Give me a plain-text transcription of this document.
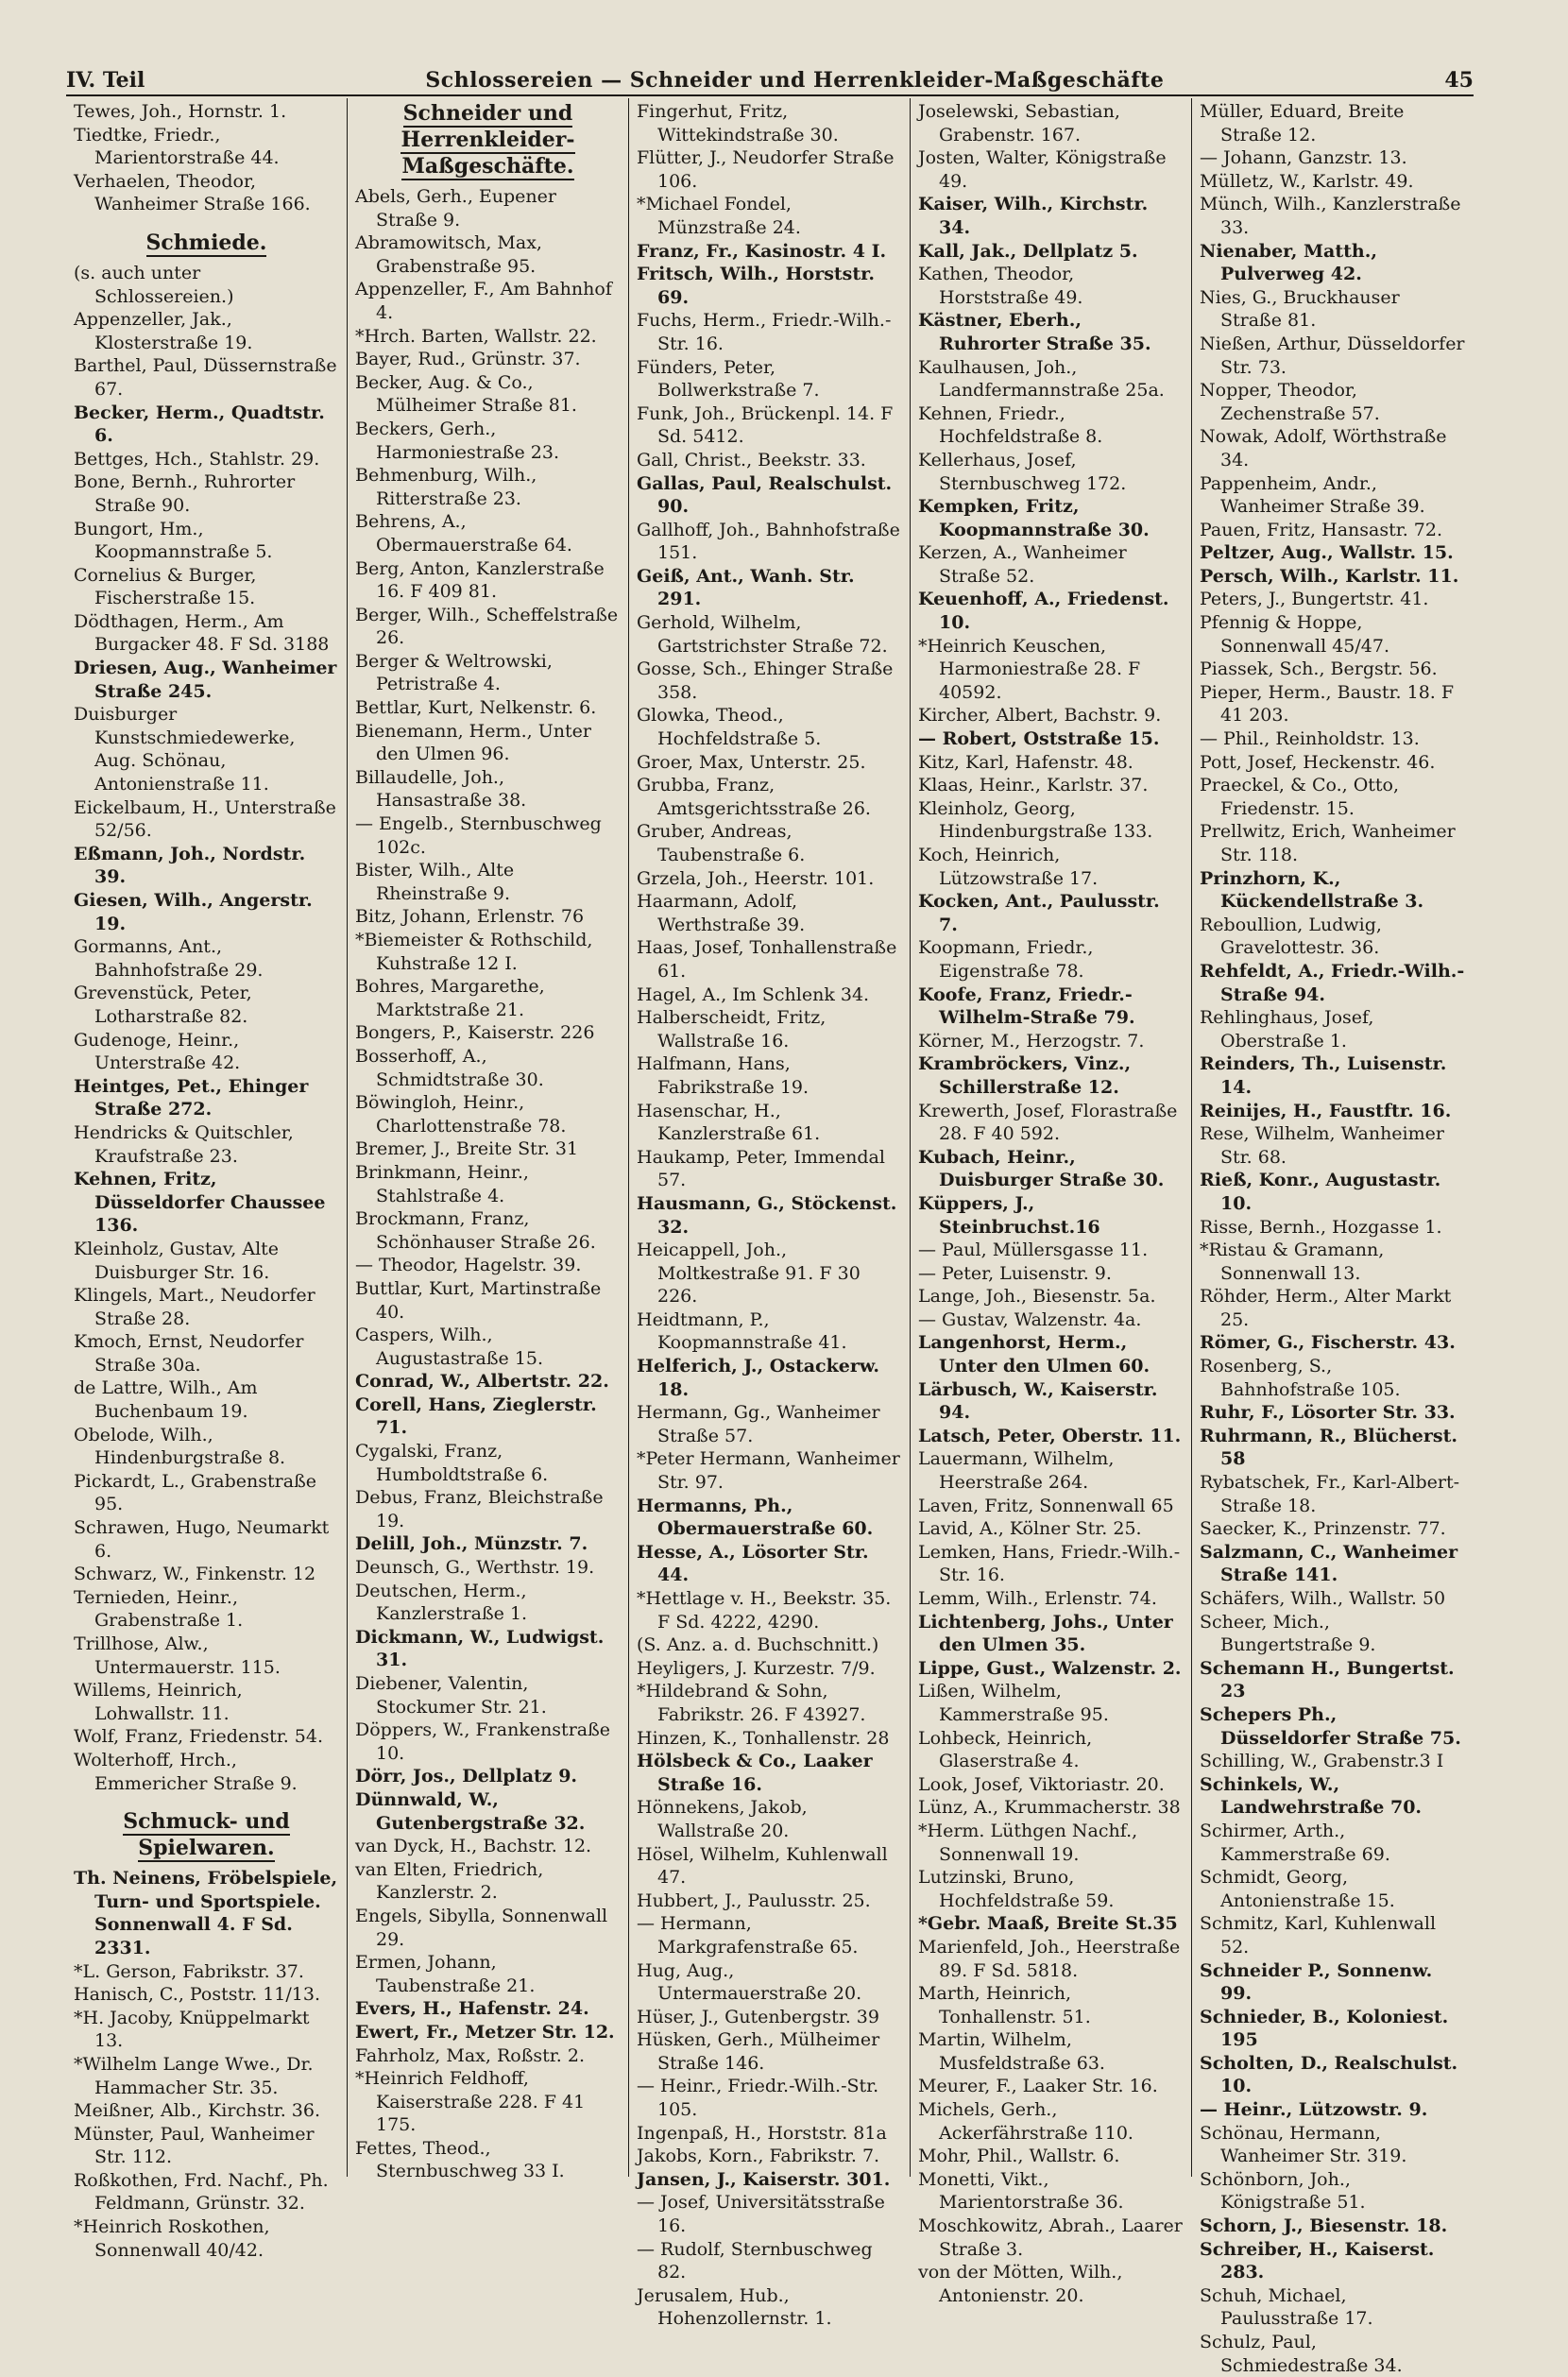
IV. Teil	Schlossereien — Schneider und Herrenkleider-Maßgeschäfte	45
Tewes, Joh., Hornstr. 1.
Tiedtke, Friedr., Marientorstraße 44.
Verhaelen, Theodor, Wanheimer Straße 166.
Schmiede.
(s. auch unter Schlossereien.)
Appenzeller, Jak., Klosterstraße 19.
Barthel, Paul, Düssernstraße 67.
Becker, Herm., Quadtstr. 6.
Bettges, Hch., Stahlstr. 29.
Bone, Bernh., Ruhrorter Straße 90.
Bungort, Hm., Koopmannstraße 5.
Cornelius & Burger, Fischerstraße 15.
Dödthagen, Herm., Am Burgacker 48. F Sd. 3188
Driesen, Aug., Wanheimer Straße 245.
Duisburger Kunstschmiedewerke, Aug. Schönau, Antonienstraße 11.
Eickelbaum, H., Unterstraße 52/56.
Eßmann, Joh., Nordstr. 39.
Giesen, Wilh., Angerstr. 19.
Gormanns, Ant., Bahnhofstraße 29.
Grevenstück, Peter, Lotharstraße 82.
Gudenoge, Heinr., Unterstraße 42.
Heintges, Pet., Ehinger Straße 272.
Hendricks & Quitschler, Kraufstraße 23.
Kehnen, Fritz, Düsseldorfer Chaussee 136.
Kleinholz, Gustav, Alte Duisburger Str. 16.
Klingels, Mart., Neudorfer Straße 28.
Kmoch, Ernst, Neudorfer Straße 30a.
de Lattre, Wilh., Am Buchenbaum 19.
Obelode, Wilh., Hindenburgstraße 8.
Pickardt, L., Grabenstraße 95.
Schrawen, Hugo, Neumarkt 6.
Schwarz, W., Finkenstr. 12
Ternieden, Heinr., Grabenstraße 1.
Trillhose, Alw., Untermauerstr. 115.
Willems, Heinrich, Lohwallstr. 11.
Wolf, Franz, Friedenstr. 54.
Wolterhoff, Hrch., Emmericher Straße 9.
Schmuck- und Spielwaren.
Th. Neinens, Fröbelspiele, Turn- und Sportspiele. Sonnenwall 4. F Sd. 2331.
*L. Gerson, Fabrikstr. 37.
Hanisch, C., Poststr. 11/13.
*H. Jacoby, Knüppelmarkt 13.
*Wilhelm Lange Wwe., Dr. Hammacher Str. 35.
Meißner, Alb., Kirchstr. 36.
Münster, Paul, Wanheimer Str. 112.
Roßkothen, Frd. Nachf., Ph. Feldmann, Grünstr. 32.
*Heinrich Roskothen, Sonnenwall 40/42.
Schneider und Herrenkleider-Maßgeschäfte.
Abels, Gerh., Eupener Straße 9.
Abramowitsch, Max, Grabenstraße 95.
Appenzeller, F., Am Bahnhof 4.
*Hrch. Barten, Wallstr. 22.
Bayer, Rud., Grünstr. 37.
Becker, Aug. & Co., Mülheimer Straße 81.
Beckers, Gerh., Harmoniestraße 23.
Behmenburg, Wilh., Ritterstraße 23.
Behrens, A., Obermauerstraße 64.
Berg, Anton, Kanzlerstraße 16. F 409 81.
Berger, Wilh., Scheffelstraße 26.
Berger & Weltrowski, Petristraße 4.
Bettlar, Kurt, Nelkenstr. 6.
Bienemann, Herm., Unter den Ulmen 96.
Billaudelle, Joh., Hansastraße 38.
— Engelb., Sternbuschweg 102c.
Bister, Wilh., Alte Rheinstraße 9.
Bitz, Johann, Erlenstr. 76
*Biemeister & Rothschild, Kuhstraße 12 I.
Bohres, Margarethe, Marktstraße 21.
Bongers, P., Kaiserstr. 226
Bosserhoff, A., Schmidtstraße 30.
Böwingloh, Heinr., Charlottenstraße 78.
Bremer, J., Breite Str. 31
Brinkmann, Heinr., Stahlstraße 4.
Brockmann, Franz, Schönhauser Straße 26.
— Theodor, Hagelstr. 39.
Buttlar, Kurt, Martinstraße 40.
Caspers, Wilh., Augustastraße 15.
Conrad, W., Albertstr. 22.
Corell, Hans, Zieglerstr. 71.
Cygalski, Franz, Humboldtstraße 6.
Debus, Franz, Bleichstraße 19.
Delill, Joh., Münzstr. 7.
Deunsch, G., Werthstr. 19.
Deutschen, Herm., Kanzlerstraße 1.
Dickmann, W., Ludwigst. 31.
Diebener, Valentin, Stockumer Str. 21.
Döppers, W., Frankenstraße 10.
Dörr, Jos., Dellplatz 9.
Dünnwald, W., Gutenbergstraße 32.
van Dyck, H., Bachstr. 12.
van Elten, Friedrich, Kanzlerstr. 2.
Engels, Sibylla, Sonnenwall 29.
Ermen, Johann, Taubenstraße 21.
Evers, H., Hafenstr. 24.
Ewert, Fr., Metzer Str. 12.
Fahrholz, Max, Roßstr. 2.
*Heinrich Feldhoff, Kaiserstraße 228. F 41 175.
Fettes, Theod., Sternbuschweg 33 I.
Fingerhut, Fritz, Wittekindstraße 30.
Flütter, J., Neudorfer Straße 106.
*Michael Fondel, Münzstraße 24.
Franz, Fr., Kasinostr. 4 I.
Fritsch, Wilh., Horststr. 69.
Fuchs, Herm., Friedr.-Wilh.-Str. 16.
Fünders, Peter, Bollwerkstraße 7.
Funk, Joh., Brückenpl. 14. F Sd. 5412.
Gall, Christ., Beekstr. 33.
Gallas, Paul, Realschulst. 90.
Gallhoff, Joh., Bahnhofstraße 151.
Geiß, Ant., Wanh. Str. 291.
Gerhold, Wilhelm, Gartstrichster Straße 72.
Gosse, Sch., Ehinger Straße 358.
Glowka, Theod., Hochfeldstraße 5.
Groer, Max, Unterstr. 25.
Grubba, Franz, Amtsgerichtsstraße 26.
Gruber, Andreas, Taubenstraße 6.
Grzela, Joh., Heerstr. 101.
Haarmann, Adolf, Werthstraße 39.
Haas, Josef, Tonhallenstraße 61.
Hagel, A., Im Schlenk 34.
Halberscheidt, Fritz, Wallstraße 16.
Halfmann, Hans, Fabrikstraße 19.
Hasenschar, H., Kanzlerstraße 61.
Haukamp, Peter, Immendal 57.
Hausmann, G., Stöckenst. 32.
Heicappell, Joh., Moltkestraße 91. F 30 226.
Heidtmann, P., Koopmannstraße 41.
Helferich, J., Ostackerw. 18.
Hermann, Gg., Wanheimer Straße 57.
*Peter Hermann, Wanheimer Str. 97.
Hermanns, Ph., Obermauerstraße 60.
Hesse, A., Lösorter Str. 44.
*Hettlage v. H., Beekstr. 35. F Sd. 4222, 4290.
(S. Anz. a. d. Buchschnitt.)
Heyligers, J. Kurzestr. 7/9.
*Hildebrand & Sohn, Fabrikstr. 26. F 43927.
Hinzen, K., Tonhallenstr. 28
Hölsbeck & Co., Laaker Straße 16.
Hönnekens, Jakob, Wallstraße 20.
Hösel, Wilhelm, Kuhlenwall 47.
Hubbert, J., Paulusstr. 25.
— Hermann, Markgrafenstraße 65.
Hug, Aug., Untermauerstraße 20.
Hüser, J., Gutenbergstr. 39
Hüsken, Gerh., Mülheimer Straße 146.
— Heinr., Friedr.-Wilh.-Str. 105.
Ingenpaß, H., Horststr. 81a
Jakobs, Korn., Fabrikstr. 7.
Jansen, J., Kaiserstr. 301.
— Josef, Universitätsstraße 16.
— Rudolf, Sternbuschweg 82.
Jerusalem, Hub., Hohenzollernstr. 1.
Joselewski, Sebastian, Grabenstr. 167.
Josten, Walter, Königstraße 49.
Kaiser, Wilh., Kirchstr. 34.
Kall, Jak., Dellplatz 5.
Kathen, Theodor, Horststraße 49.
Kästner, Eberh., Ruhrorter Straße 35.
Kaulhausen, Joh., Landfermannstraße 25a.
Kehnen, Friedr., Hochfeldstraße 8.
Kellerhaus, Josef, Sternbuschweg 172.
Kempken, Fritz, Koopmannstraße 30.
Kerzen, A., Wanheimer Straße 52.
Keuenhoff, A., Friedenst. 10.
*Heinrich Keuschen, Harmoniestraße 28. F 40592.
Kircher, Albert, Bachstr. 9.
— Robert, Oststraße 15.
Kitz, Karl, Hafenstr. 48.
Klaas, Heinr., Karlstr. 37.
Kleinholz, Georg, Hindenburgstraße 133.
Koch, Heinrich, Lützowstraße 17.
Kocken, Ant., Paulusstr. 7.
Koopmann, Friedr., Eigenstraße 78.
Koofe, Franz, Friedr.-Wilhelm-Straße 79.
Körner, M., Herzogstr. 7.
Krambröckers, Vinz., Schillerstraße 12.
Krewerth, Josef, Florastraße 28. F 40 592.
Kubach, Heinr., Duisburger Straße 30.
Küppers, J., Steinbruchst.16
— Paul, Müllersgasse 11.
— Peter, Luisenstr. 9.
Lange, Joh., Biesenstr. 5a.
— Gustav, Walzenstr. 4a.
Langenhorst, Herm., Unter den Ulmen 60.
Lärbusch, W., Kaiserstr. 94.
Latsch, Peter, Oberstr. 11.
Lauermann, Wilhelm, Heerstraße 264.
Laven, Fritz, Sonnenwall 65
Lavid, A., Kölner Str. 25.
Lemken, Hans, Friedr.-Wilh.-Str. 16.
Lemm, Wilh., Erlenstr. 74.
Lichtenberg, Johs., Unter den Ulmen 35.
Lippe, Gust., Walzenstr. 2.
Lißen, Wilhelm, Kammerstraße 95.
Lohbeck, Heinrich, Glaserstraße 4.
Look, Josef, Viktoriastr. 20.
Lünz, A., Krummacherstr. 38
*Herm. Lüthgen Nachf., Sonnenwall 19.
Lutzinski, Bruno, Hochfeldstraße 59.
*Gebr. Maaß, Breite St.35
Marienfeld, Joh., Heerstraße 89. F Sd. 5818.
Marth, Heinrich, Tonhallenstr. 51.
Martin, Wilhelm, Musfeldstraße 63.
Meurer, F., Laaker Str. 16.
Michels, Gerh., Ackerfährstraße 110.
Mohr, Phil., Wallstr. 6.
Monetti, Vikt., Marientorstraße 36.
Moschkowitz, Abrah., Laarer Straße 3.
von der Mötten, Wilh., Antonienstr. 20.
Müller, Eduard, Breite Straße 12.
— Johann, Ganzstr. 13.
Mülletz, W., Karlstr. 49.
Münch, Wilh., Kanzlerstraße 33.
Nienaber, Matth., Pulverweg 42.
Nies, G., Bruckhauser Straße 81.
Nießen, Arthur, Düsseldorfer Str. 73.
Nopper, Theodor, Zechenstraße 57.
Nowak, Adolf, Wörthstraße 34.
Pappenheim, Andr., Wanheimer Straße 39.
Pauen, Fritz, Hansastr. 72.
Peltzer, Aug., Wallstr. 15.
Persch, Wilh., Karlstr. 11.
Peters, J., Bungertstr. 41.
Pfennig & Hoppe, Sonnenwall 45/47.
Piassek, Sch., Bergstr. 56.
Pieper, Herm., Baustr. 18. F 41 203.
— Phil., Reinholdstr. 13.
Pott, Josef, Heckenstr. 46.
Praeckel, & Co., Otto, Friedenstr. 15.
Prellwitz, Erich, Wanheimer Str. 118.
Prinzhorn, K., Kückendellstraße 3.
Reboullion, Ludwig, Gravelottestr. 36.
Rehfeldt, A., Friedr.-Wilh.-Straße 94.
Rehlinghaus, Josef, Oberstraße 1.
Reinders, Th., Luisenstr. 14.
Reinijes, H., Faustftr. 16.
Rese, Wilhelm, Wanheimer Str. 68.
Rieß, Konr., Augustastr. 10.
Risse, Bernh., Hozgasse 1.
*Ristau & Gramann, Sonnenwall 13.
Röhder, Herm., Alter Markt 25.
Römer, G., Fischerstr. 43.
Rosenberg, S., Bahnhofstraße 105.
Ruhr, F., Lösorter Str. 33.
Ruhrmann, R., Blücherst. 58
Rybatschek, Fr., Karl-Albert-Straße 18.
Saecker, K., Prinzenstr. 77.
Salzmann, C., Wanheimer Straße 141.
Schäfers, Wilh., Wallstr. 50
Scheer, Mich., Bungertstraße 9.
Schemann H., Bungertst. 23
Schepers Ph., Düsseldorfer Straße 75.
Schilling, W., Grabenstr.3 I
Schinkels, W., Landwehrstraße 70.
Schirmer, Arth., Kammerstraße 69.
Schmidt, Georg, Antonienstraße 15.
Schmitz, Karl, Kuhlenwall 52.
Schneider P., Sonnenw. 99.
Schnieder, B., Koloniest. 195
Scholten, D., Realschulst. 10.
— Heinr., Lützowstr. 9.
Schönau, Hermann, Wanheimer Str. 319.
Schönborn, Joh., Königstraße 51.
Schorn, J., Biesenstr. 18.
Schreiber, H., Kaiserst. 283.
Schuh, Michael, Paulusstraße 17.
Schulz, Paul, Schmiedestraße 34.
